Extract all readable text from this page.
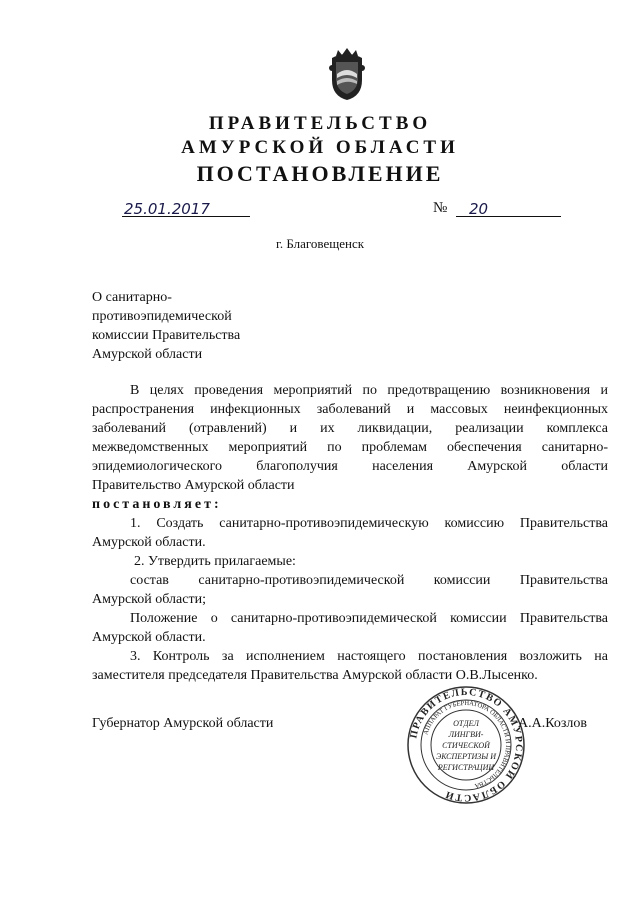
ПРАВИТЕЛЬСТВО
АМУРСКОЙ ОБЛАСТИ
ПОСТАНОВЛЕНИЕ
25.01.2017	№ 20
г. Благовещенск
О санитарно-
противоэпидемической
комиссии Правительства
Амурской области
В целях проведения мероприятий по предотвращению возникновения и
распространения инфекционных заболеваний и массовых неинфекционных
заболеваний (отравлений) и их ликвидации, реализации комплекса
межведомственных мероприятий по проблемам обеспечения санитарно-
эпидемиологического благополучия населения Амурской области
Правительство Амурской области
постановляет:
1. Создать санитарно-противоэпидемическую комиссию Правительства
Амурской области.
2. Утвердить прилагаемые:
состав санитарно-противоэпидемической комиссии Правительства
Амурской области;
Положение о санитарно-противоэпидемической комиссии Правительства
Амурской области.
3. Контроль за исполнением настоящего постановления возложить на
заместителя председателя Правительства Амурской области О.В.Лысенко.
Губернатор Амурской области
ПРАВИТЕЛЬСТВО АМУРСКОЙ ОБЛАСТИ
АППАРАТ ГУБЕРНАТОРА ОБЛАСТИ И ПРАВИТЕЛЬСТВА
ОТДЕЛ
ЛИНГВИ-
СТИЧЕСКОЙ
ЭКСПЕРТИЗЫ И
РЕГИСТРАЦИИ
А.А.Козлов
